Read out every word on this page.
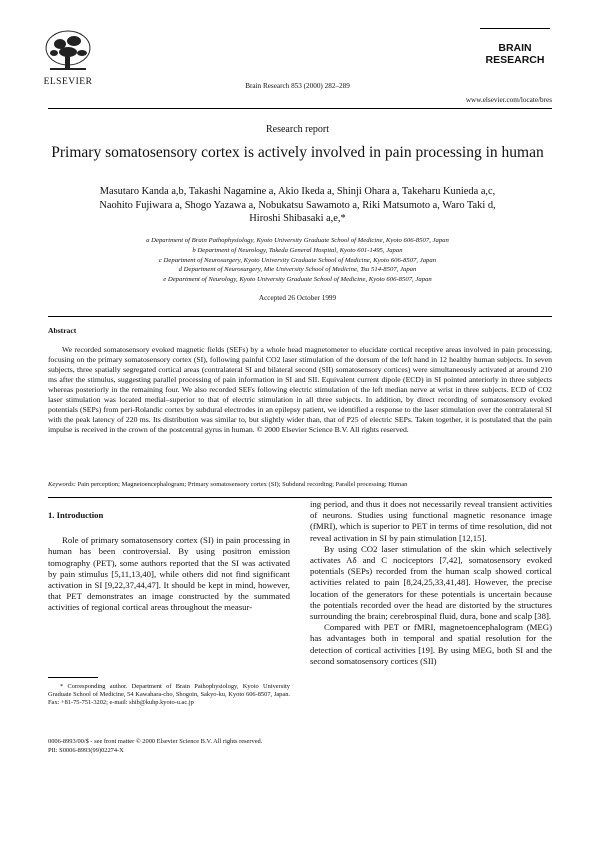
ELSEVIER	Brain Research 853 (2000) 282–289
BRAIN
RESEARCH
www.elsevier.com/locate/bres
Research report
Primary somatosensory cortex is actively involved in pain processing in human
Masutaro Kanda a,b, Takashi Nagamine a, Akio Ikeda a, Shinji Ohara a, Takeharu Kunieda a,c,
Naohito Fujiwara a, Shogo Yazawa a, Nobukatsu Sawamoto a, Riki Matsumoto a, Waro Taki d,
Hiroshi Shibasaki a,e,*
a Department of Brain Pathophysiology, Kyoto University Graduate School of Medicine, Kyoto 606-8507, Japan
b Department of Neurology, Takeda General Hospital, Kyoto 601-1495, Japan
c Department of Neurosurgery, Kyoto University Graduate School of Medicine, Kyoto 606-8507, Japan
d Department of Neurosurgery, Mie University School of Medicine, Tsu 514-8507, Japan
e Department of Neurology, Kyoto University Graduate School of Medicine, Kyoto 606-8507, Japan
Accepted 26 October 1999
Abstract
We recorded somatosensory evoked magnetic fields (SEFs) by a whole head magnetometer to elucidate cortical receptive areas involved in pain processing, focusing on the primary somatosensory cortex (SI), following painful CO2 laser stimulation of the dorsum of the left hand in 12 healthy human subjects. In seven subjects, three spatially segregated cortical areas (contralateral SI and bilateral second (SII) somatosensory cortices) were simultaneously activated at around 210 ms after the stimulus, suggesting parallel processing of pain information in SI and SII. Equivalent current dipole (ECD) in SI pointed anteriorly in three subjects whereas posteriorly in the remaining four. We also recorded SEFs following electric stimulation of the left median nerve at wrist in three subjects. ECD of CO2 laser stimulation was located medial–superior to that of electric stimulation in all three subjects. In addition, by direct recording of somatosensory evoked potentials (SEPs) from peri-Rolandic cortex by subdural electrodes in an epilepsy patient, we identified a response to the laser stimulation over the contralateral SI with the peak latency of 220 ms. Its distribution was similar to, but slightly wider than, that of P25 of electric SEPs. Taken together, it is postulated that the pain impulse is received in the crown of the postcentral gyrus in human. © 2000 Elsevier Science B.V. All rights reserved.
Keywords: Pain perception; Magnetoencephalogram; Primary somatosensory cortex (SI); Subdural recording; Parallel processing; Human
1. Introduction

Role of primary somatosensory cortex (SI) in pain processing in human has been controversial. By using positron emission tomography (PET), some authors reported that the SI was activated by pain stimulus [5,11,13,40], while others did not find significant activation in SI [9,22,37,44,47]. It should be kept in mind, however, that PET demonstrates an image constructed by the summated activities of regional cortical areas throughout the measur-

ing period, and thus it does not necessarily reveal transient activities of neurons. Studies using functional magnetic resonance image (fMRI), which is superior to PET in terms of time resolution, did not reveal activation in SI by pain stimulation [12,15].

By using CO2 laser stimulation of the skin which selectively activates Aδ and C nociceptors [7,42], somatosensory evoked potentials (SEPs) recorded from the human scalp showed cortical activities related to pain [8,24,25,33,41,48]. However, the precise location of the generators for these potentials is uncertain because the potentials recorded over the head are distorted by the structures surrounding the brain; cerebrospinal fluid, dura, bone and scalp [38].

Compared with PET or fMRI, magnetoencephalogram (MEG) has advantages both in temporal and spatial resolution for the detection of cortical activities [19]. By using MEG, both SI and the second somatosensory cortices (SII)

* Corresponding author. Department of Brain Pathophysiology, Kyoto University Graduate School of Medicine, 54 Kawahara-cho, Shogoin, Sakyo-ku, Kyoto 606-8507, Japan. Fax: +81-75-751-3202; e-mail: shib@kuhp.kyoto-u.ac.jp
0006-8993/00/$ - see front matter © 2000 Elsevier Science B.V. All rights reserved.
PII: S0006-8993(99)02274-X
